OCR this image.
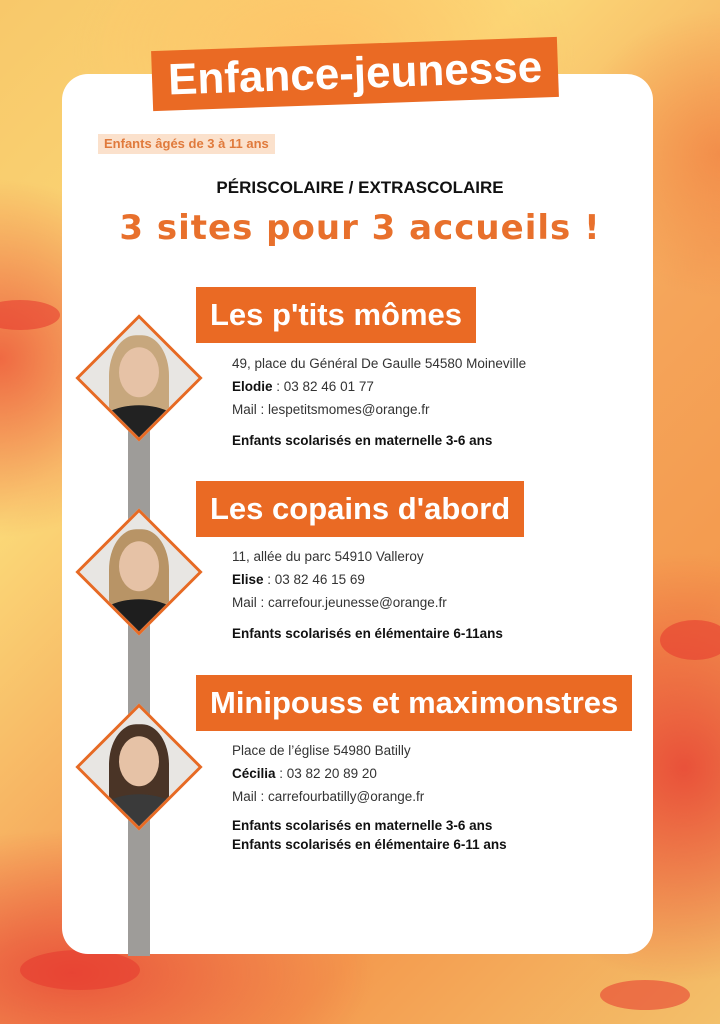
Enfance-jeunesse
Enfants âgés de 3 à 11 ans
PÉRISCOLAIRE / EXTRASCOLAIRE
3 sites pour 3 accueils !
Les p'tits mômes
49, place du Général De Gaulle 54580 Moineville
Elodie : 03 82 46 01 77
Mail : lespetitsmomes@orange.fr
Enfants scolarisés en maternelle 3-6 ans
Les copains d'abord
11, allée du parc 54910 Valleroy
Elise : 03 82 46 15 69
Mail : carrefour.jeunesse@orange.fr
Enfants scolarisés en élémentaire 6-11ans
Minipouss et maximonstres
Place de l’église 54980 Batilly
Cécilia : 03 82 20 89 20
Mail : carrefourbatilly@orange.fr
Enfants scolarisés en maternelle 3-6 ans
Enfants scolarisés en élémentaire 6-11 ans
